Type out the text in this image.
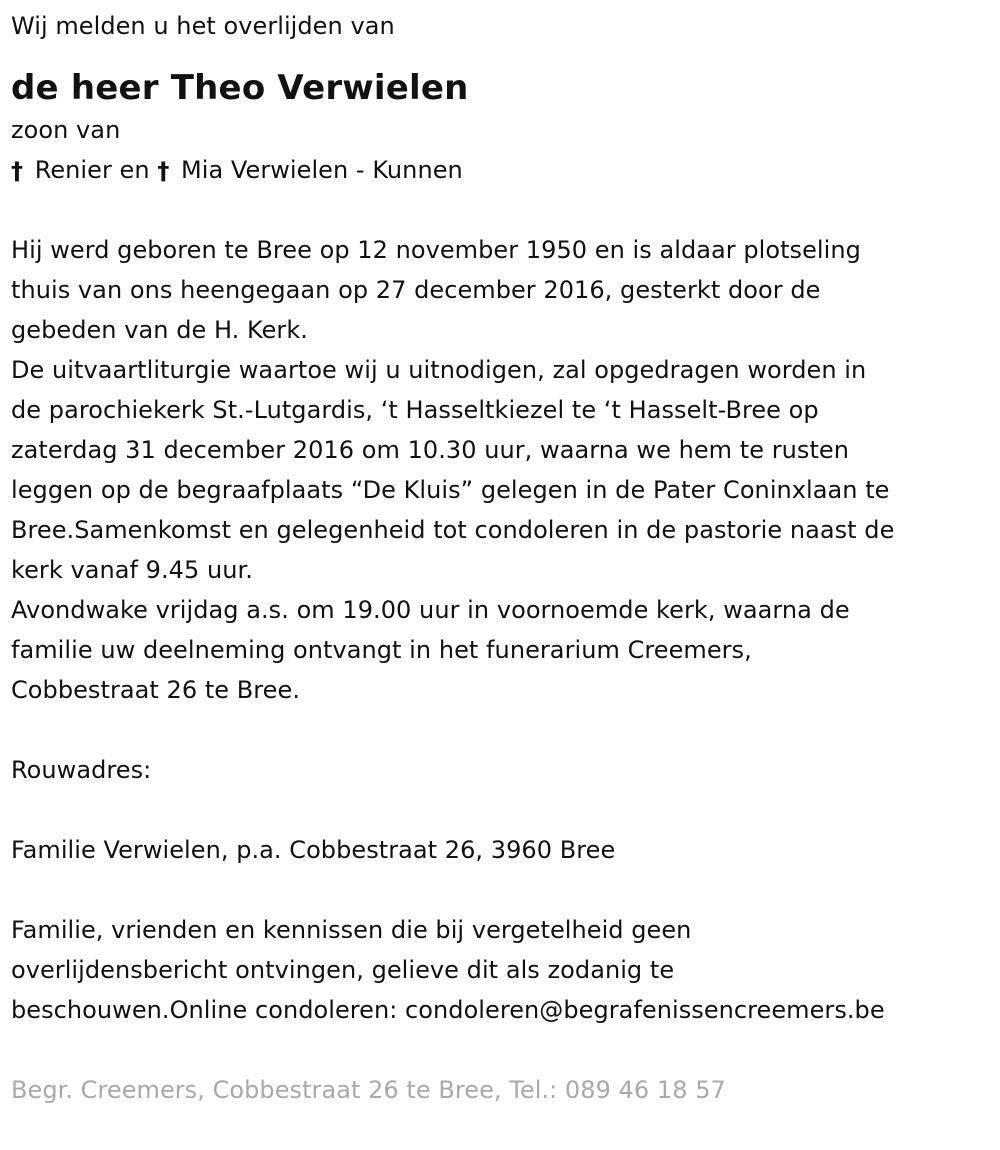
Wij melden u het overlijden van
de heer Theo Verwielen
zoon van
† Renier en † Mia Verwielen - Kunnen
Hij werd geboren te Bree op 12 november 1950 en is aldaar plotseling
thuis van ons heengegaan op 27 december 2016, gesterkt door de
gebeden van de H. Kerk.
De uitvaartliturgie waartoe wij u uitnodigen, zal opgedragen worden in
de parochiekerk St.-Lutgardis, ‘t Hasseltkiezel te ‘t Hasselt-Bree op
zaterdag 31 december 2016 om 10.30 uur, waarna we hem te rusten
leggen op de begraafplaats “De Kluis” gelegen in de Pater Coninxlaan te
Bree.Samenkomst en gelegenheid tot condoleren in de pastorie naast de
kerk vanaf 9.45 uur.
Avondwake vrijdag a.s. om 19.00 uur in voornoemde kerk, waarna de
familie uw deelneming ontvangt in het funerarium Creemers,
Cobbestraat 26 te Bree.
Rouwadres:
Familie Verwielen, p.a. Cobbestraat 26, 3960 Bree
Familie, vrienden en kennissen die bij vergetelheid geen
overlijdensbericht ontvingen, gelieve dit als zodanig te
beschouwen.Online condoleren: condoleren@begrafenissencreemers.be
Begr. Creemers, Cobbestraat 26 te Bree, Tel.: 089 46 18 57
